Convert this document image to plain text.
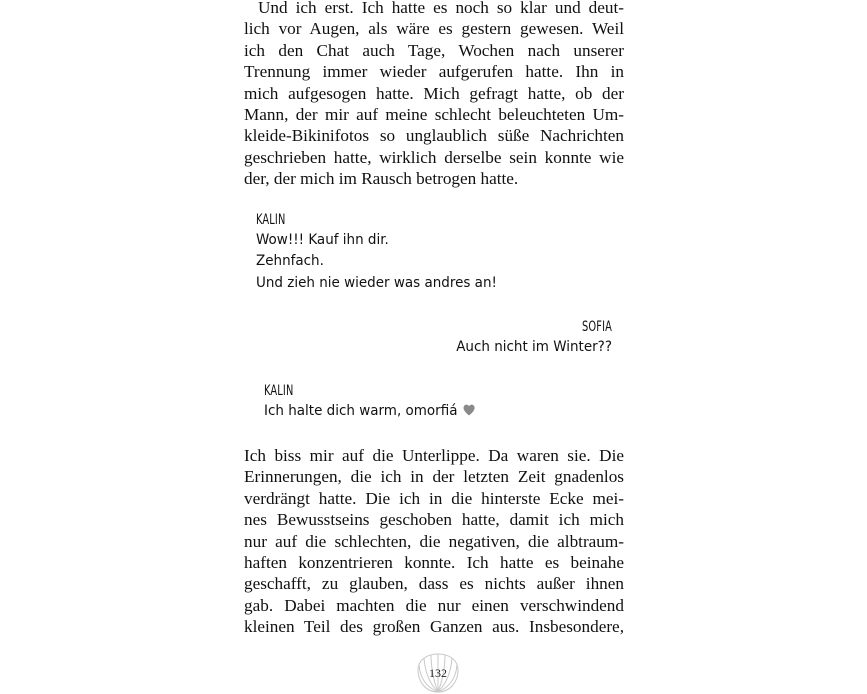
Und ich erst. Ich hatte es noch so klar und deut-
lich vor Augen, als wäre es gestern gewesen. Weil
ich den Chat auch Tage, Wochen nach unserer
Trennung immer wieder aufgerufen hatte. Ihn in
mich aufgesogen hatte. Mich gefragt hatte, ob der
Mann, der mir auf meine schlecht beleuchteten Um-
kleide-Bikinifotos so unglaublich süße Nachrichten
geschrieben hatte, wirklich derselbe sein konnte wie
der, der mich im Rausch betrogen hatte.
KALIN
Wow!!! Kauf ihn dir.
Zehnfach.
Und zieh nie wieder was andres an!
SOFIA
Auch nicht im Winter??
KALIN
Ich halte dich warm, omorfiá
Ich biss mir auf die Unterlippe. Da waren sie. Die
Erinnerungen, die ich in der letzten Zeit gnadenlos
verdrängt hatte. Die ich in die hinterste Ecke mei-
nes Bewusstseins geschoben hatte, damit ich mich
nur auf die schlechten, die negativen, die albtraum-
haften konzentrieren konnte. Ich hatte es beinahe
geschafft, zu glauben, dass es nichts außer ihnen
gab. Dabei machten die nur einen verschwindend
kleinen Teil des großen Ganzen aus. Insbesondere,
132
